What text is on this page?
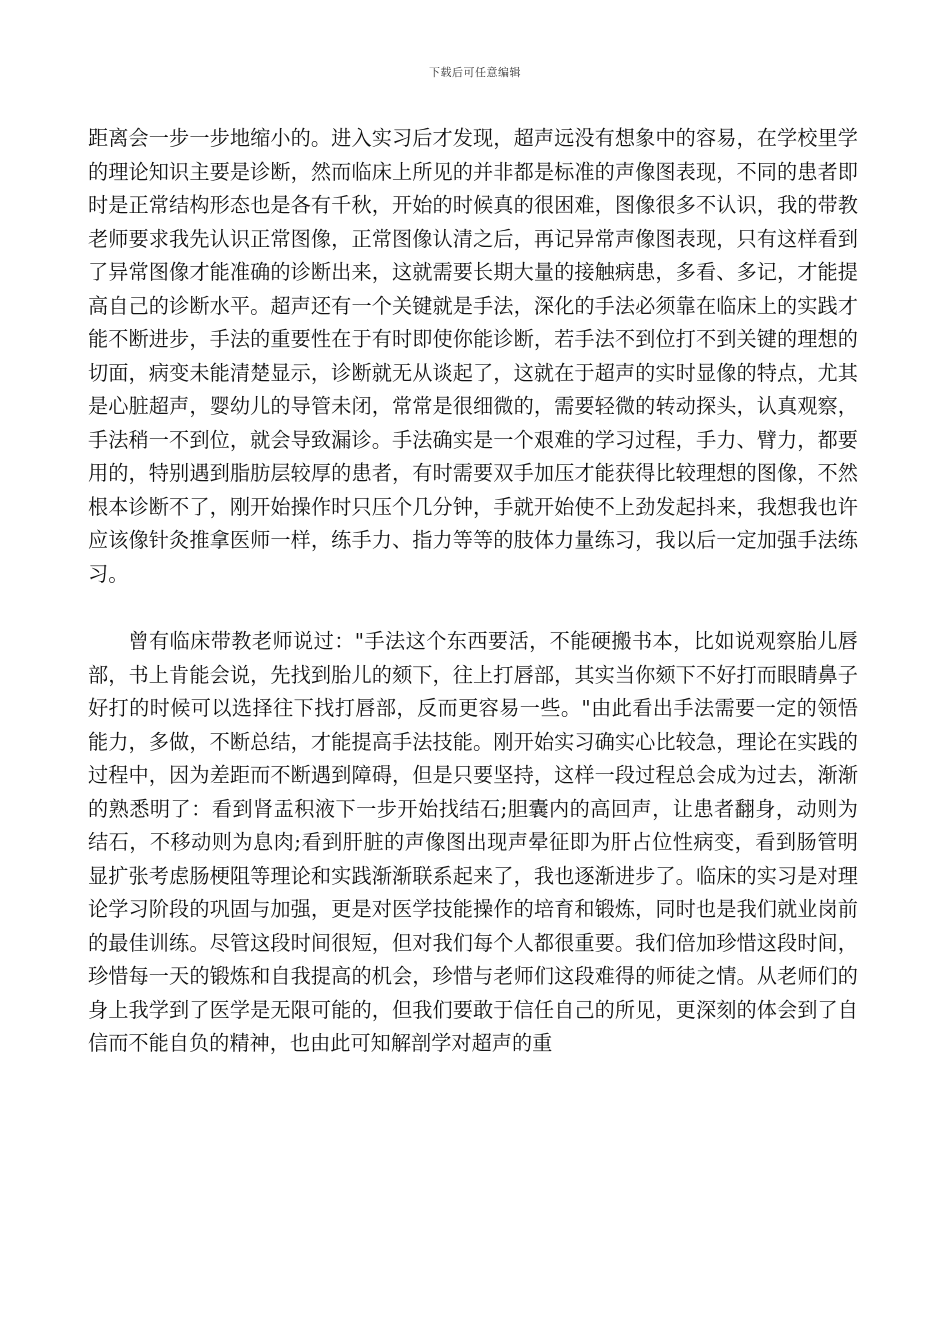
下载后可任意编辑

距离会一步一步地缩小的。进入实习后才发现，超声远没有想象中的容易，在学校里学的理论知识主要是诊断，然而临床上所见的并非都是标准的声像图表现，不同的患者即时是正常结构形态也是各有千秋，开始的时候真的很困难，图像很多不认识，我的带教老师要求我先认识正常图像，正常图像认清之后，再记异常声像图表现，只有这样看到了异常图像才能准确的诊断出来，这就需要长期大量的接触病患，多看、多记，才能提高自己的诊断水平。超声还有一个关键就是手法，深化的手法必须靠在临床上的实践才能不断进步，手法的重要性在于有时即使你能诊断，若手法不到位打不到关键的理想的切面，病变未能清楚显示，诊断就无从谈起了，这就在于超声的实时显像的特点，尤其是心脏超声，婴幼儿的导管未闭，常常是很细微的，需要轻微的转动探头，认真观察，手法稍一不到位，就会导致漏诊。手法确实是一个艰难的学习过程，手力、臂力，都要用的，特别遇到脂肪层较厚的患者，有时需要双手加压才能获得比较理想的图像，不然根本诊断不了，刚开始操作时只压个几分钟，手就开始使不上劲发起抖来，我想我也许应该像针灸推拿医师一样，练手力、指力等等的肢体力量练习，我以后一定加强手法练习。

曾有临床带教老师说过："手法这个东西要活，不能硬搬书本，比如说观察胎儿唇部，书上肯能会说，先找到胎儿的颏下，往上打唇部，其实当你颏下不好打而眼睛鼻子好打的时候可以选择往下找打唇部，反而更容易一些。"由此看出手法需要一定的领悟能力，多做，不断总结，才能提高手法技能。刚开始实习确实心比较急，理论在实践的过程中，因为差距而不断遇到障碍，但是只要坚持，这样一段过程总会成为过去，渐渐的熟悉明了：看到肾盂积液下一步开始找结石;胆囊内的高回声，让患者翻身，动则为结石，不移动则为息肉;看到肝脏的声像图出现声晕征即为肝占位性病变，看到肠管明显扩张考虑肠梗阻等理论和实践渐渐联系起来了，我也逐渐进步了。临床的实习是对理论学习阶段的巩固与加强，更是对医学技能操作的培育和锻炼，同时也是我们就业岗前的最佳训练。尽管这段时间很短，但对我们每个人都很重要。我们倍加珍惜这段时间，珍惜每一天的锻炼和自我提高的机会，珍惜与老师们这段难得的师徒之情。从老师们的身上我学到了医学是无限可能的，但我们要敢于信任自己的所见，更深刻的体会到了自信而不能自负的精神，也由此可知解剖学对超声的重
